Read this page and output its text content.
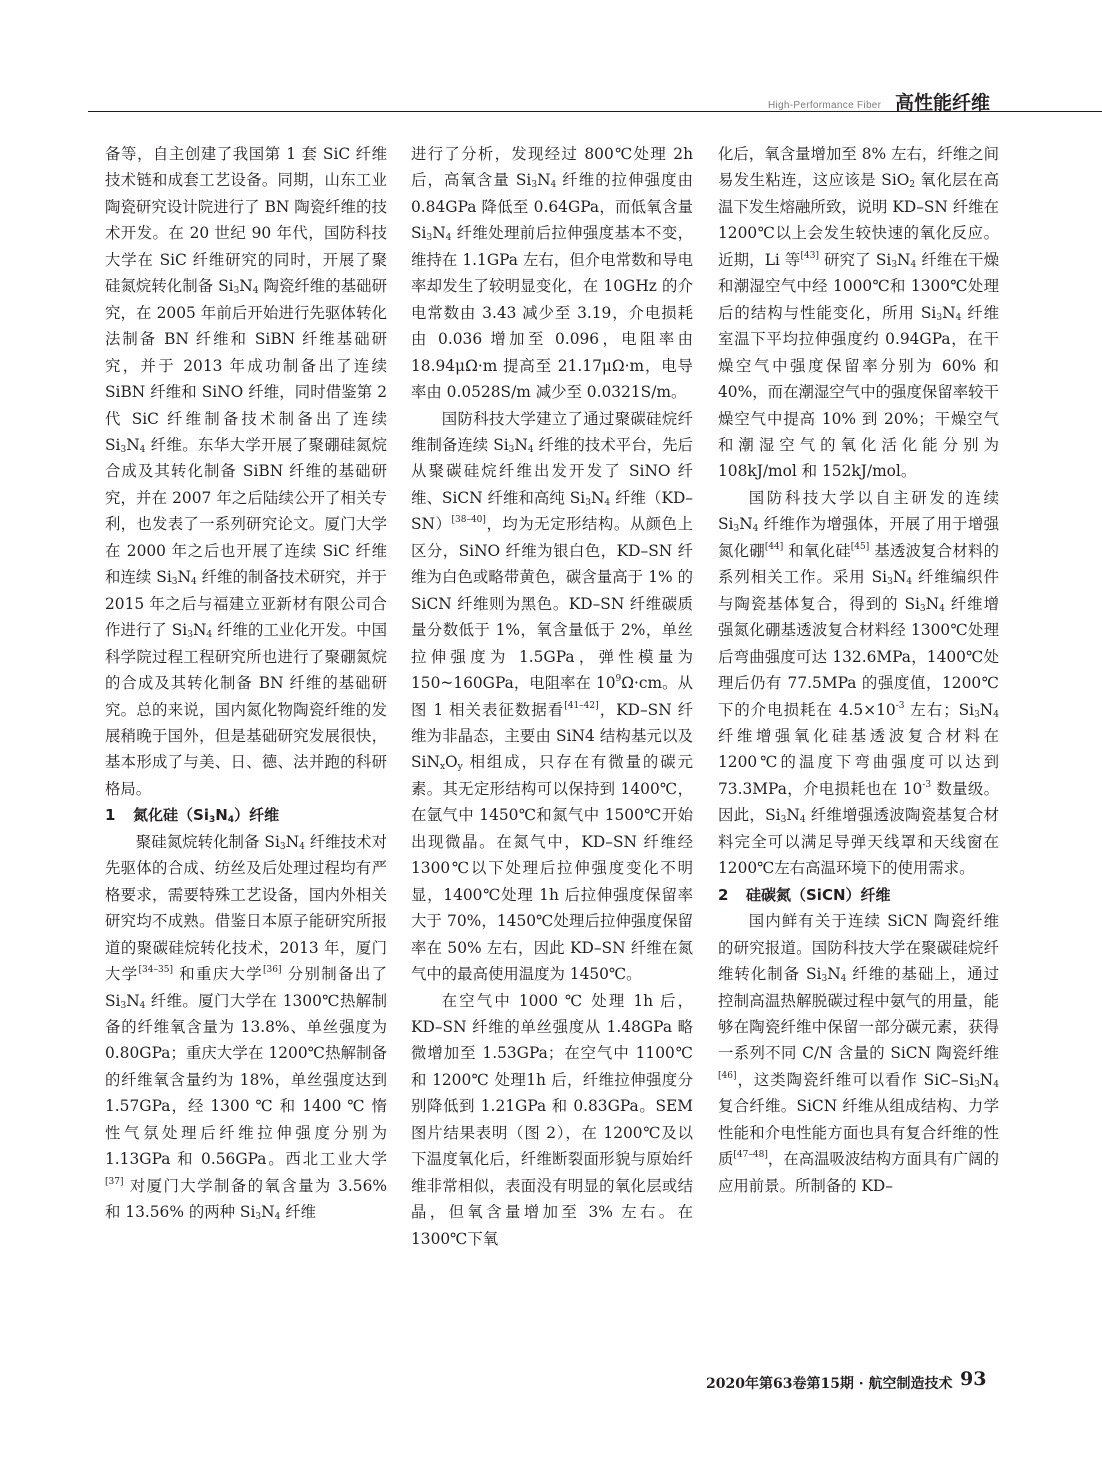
High-Performance Fiber 高性能纤维

备等，自主创建了我国第 1 套 SiC 纤维技术链和成套工艺设备。同期，山东工业陶瓷研究设计院进行了 BN 陶瓷纤维的技术开发。在 20 世纪 90 年代，国防科技大学在 SiC 纤维研究的同时，开展了聚硅氮烷转化制备 $Si_3N_4$ 陶瓷纤维的基础研究，在 2005 年前后开始进行先驱体转化法制备 BN 纤维和 SiBN 纤维基础研究，并于 2013 年成功制备出了连续 SiBN 纤维和 SiNO 纤维，同时借鉴第 2 代 SiC 纤维制备技术制备出了连续 $Si_3N_4$ 纤维。东华大学开展了聚硼硅氮烷合成及其转化制备 SiBN 纤维的基础研究，并在 2007 年之后陆续公开了相关专利，也发表了一系列研究论文。厦门大学在 2000 年之后也开展了连续 SiC 纤维和连续 $Si_3N_4$ 纤维的制备技术研究，并于 2015 年之后与福建立亚新材有限公司合作进行了 $Si_3N_4$ 纤维的工业化开发。中国科学院过程工程研究所也进行了聚硼氮烷的合成及其转化制备 BN 纤维的基础研究。总的来说，国内氮化物陶瓷纤维的发展稍晚于国外，但是基础研究发展很快，基本形成了与美、日、德、法并跑的科研格局。

1 氮化硅$(Si_3N_4)$纤维

聚硅氮烷转化制备 $Si_3N_4$ 纤维技术对先驱体的合成、纺丝及后处理过程均有严格要求，需要特殊工艺设备，国内外相关研究均不成熟。借鉴日本原子能研究所报道的聚碳硅烷转化技术，2013 年，厦门大学[34–35] 和重庆大学[36] 分别制备出了 $Si_3N_4$ 纤维。厦门大学在 1300℃热解制备的纤维氧含量为 13.8%、单丝强度为 0.80GPa；重庆大学在 1200℃热解制备的纤维氧含量约为 18%，单丝强度达到 1.57GPa，经 1300 ℃ 和 1400 ℃ 惰性气氛处理后纤维拉伸强度分别为 1.13GPa 和 0.56GPa。西北工业大学[37] 对厦门大学制备的氧含量为 3.56% 和 13.56% 的两种 $Si_3N_4$ 纤维

进行了分析，发现经过 800℃处理 2h 后，高氧含量 $Si_3N_4$ 纤维的拉伸强度由 0.84GPa 降低至 0.64GPa，而低氧含量 $Si_3N_4$ 纤维处理前后拉伸强度基本不变，维持在 1.1GPa 左右，但介电常数和导电率却发生了较明显变化，在 10GHz 的介电常数由 3.43 减少至 3.19，介电损耗由 0.036 增加至 0.096，电阻率由 18.94μΩ·m 提高至 21.17μΩ·m，电导率由 0.0528S/m 减少至 0.0321S/m。

国防科技大学建立了通过聚碳硅烷纤维制备连续 $Si_3N_4$ 纤维的技术平台，先后从聚碳硅烷纤维出发开发了 SiNO 纤维、SiCN 纤维和高纯 $Si_3N_4$ 纤维（KD–SN）[38–40]，均为无定形结构。从颜色上区分，SiNO 纤维为银白色，KD–SN 纤维为白色或略带黄色，碳含量高于 1% 的 SiCN 纤维则为黑色。KD–SN 纤维碳质量分数低于 1%，氧含量低于 2%，单丝拉伸强度为 1.5GPa，弹性模量为 150~160GPa，电阻率在 $10^9\Omega\cdot cm$。从图 1 相关表征数据看[41–42]，KD–SN 纤维为非晶态，主要由 SiN4 结构基元以及 $SiN_xO_y$ 相组成，只存在有微量的碳元素。其无定形结构可以保持到 1400℃，在氩气中 1450℃和氮气中 1500℃开始出现微晶。在氮气中，KD–SN 纤维经 1300℃以下处理后拉伸强度变化不明显，1400℃处理 1h 后拉伸强度保留率大于 70%，1450℃处理后拉伸强度保留率在 50% 左右，因此 KD–SN 纤维在氮气中的最高使用温度为 1450℃。

在空气中 1000 ℃ 处理 1h 后，KD–SN 纤维的单丝强度从 1.48GPa 略微增加至 1.53GPa；在空气中 1100℃ 和 1200℃ 处理1h 后，纤维拉伸强度分别降低到 1.21GPa 和 0.83GPa。SEM 图片结果表明（图 2），在 1200℃及以下温度氧化后，纤维断裂面形貌与原始纤维非常相似，表面没有明显的氧化层或结晶，但氧含量增加至 3% 左右。在 1300℃下氧

化后，氧含量增加至 8% 左右，纤维之间易发生粘连，这应该是 SiO$_2$ 氧化层在高温下发生熔融所致，说明 KD–SN 纤维在 1200℃以上会发生较快速的氧化反应。近期，Li 等[43] 研究了 $Si_3N_4$ 纤维在干燥和潮湿空气中经 1000℃和 1300℃处理后的结构与性能变化，所用 $Si_3N_4$ 纤维室温下平均拉伸强度约 0.94GPa，在干燥空气中强度保留率分别为 60% 和 40%，而在潮湿空气中的强度保留率较干燥空气中提高 10% 到 20%；干燥空气和潮湿空气的氧化活化能分别为 108kJ/mol 和 152kJ/mol。

国防科技大学以自主研发的连续 $Si_3N_4$ 纤维作为增强体，开展了用于增强氮化硼[44] 和氧化硅[45] 基透波复合材料的系列相关工作。采用 $Si_3N_4$ 纤维编织件与陶瓷基体复合，得到的 $Si_3N_4$ 纤维增强氮化硼基透波复合材料经 1300℃处理后弯曲强度可达 132.6MPa，1400℃处理后仍有 77.5MPa 的强度值，1200℃下的介电损耗在 $4.5\times 10^{-3}$ 左右；$Si_3N_4$ 纤维增强氧化硅基透波复合材料在 1200℃的温度下弯曲强度可以达到 73.3MPa，介电损耗也在 $10^{-3}$ 数量级。因此，$Si_3N_4$ 纤维增强透波陶瓷基复合材料完全可以满足导弹天线罩和天线窗在 1200℃左右高温环境下的使用需求。

2 硅碳氮（SiCN）纤维

国内鲜有关于连续 SiCN 陶瓷纤维的研究报道。国防科技大学在聚碳硅烷纤维转化制备 $Si_3N_4$ 纤维的基础上，通过控制高温热解脱碳过程中氨气的用量，能够在陶瓷纤维中保留一部分碳元素，获得一系列不同 C/N 含量的 SiCN 陶瓷纤维[46]，这类陶瓷纤维可以看作 SiC–$Si_3N_4$ 复合纤维。SiCN 纤维从组成结构、力学性能和介电性能方面也具有复合纤维的性质[47–48]，在高温吸波结构方面具有广阔的应用前景。所制备的 KD–

2020年第63卷第15期 · 航空制造技术 93
